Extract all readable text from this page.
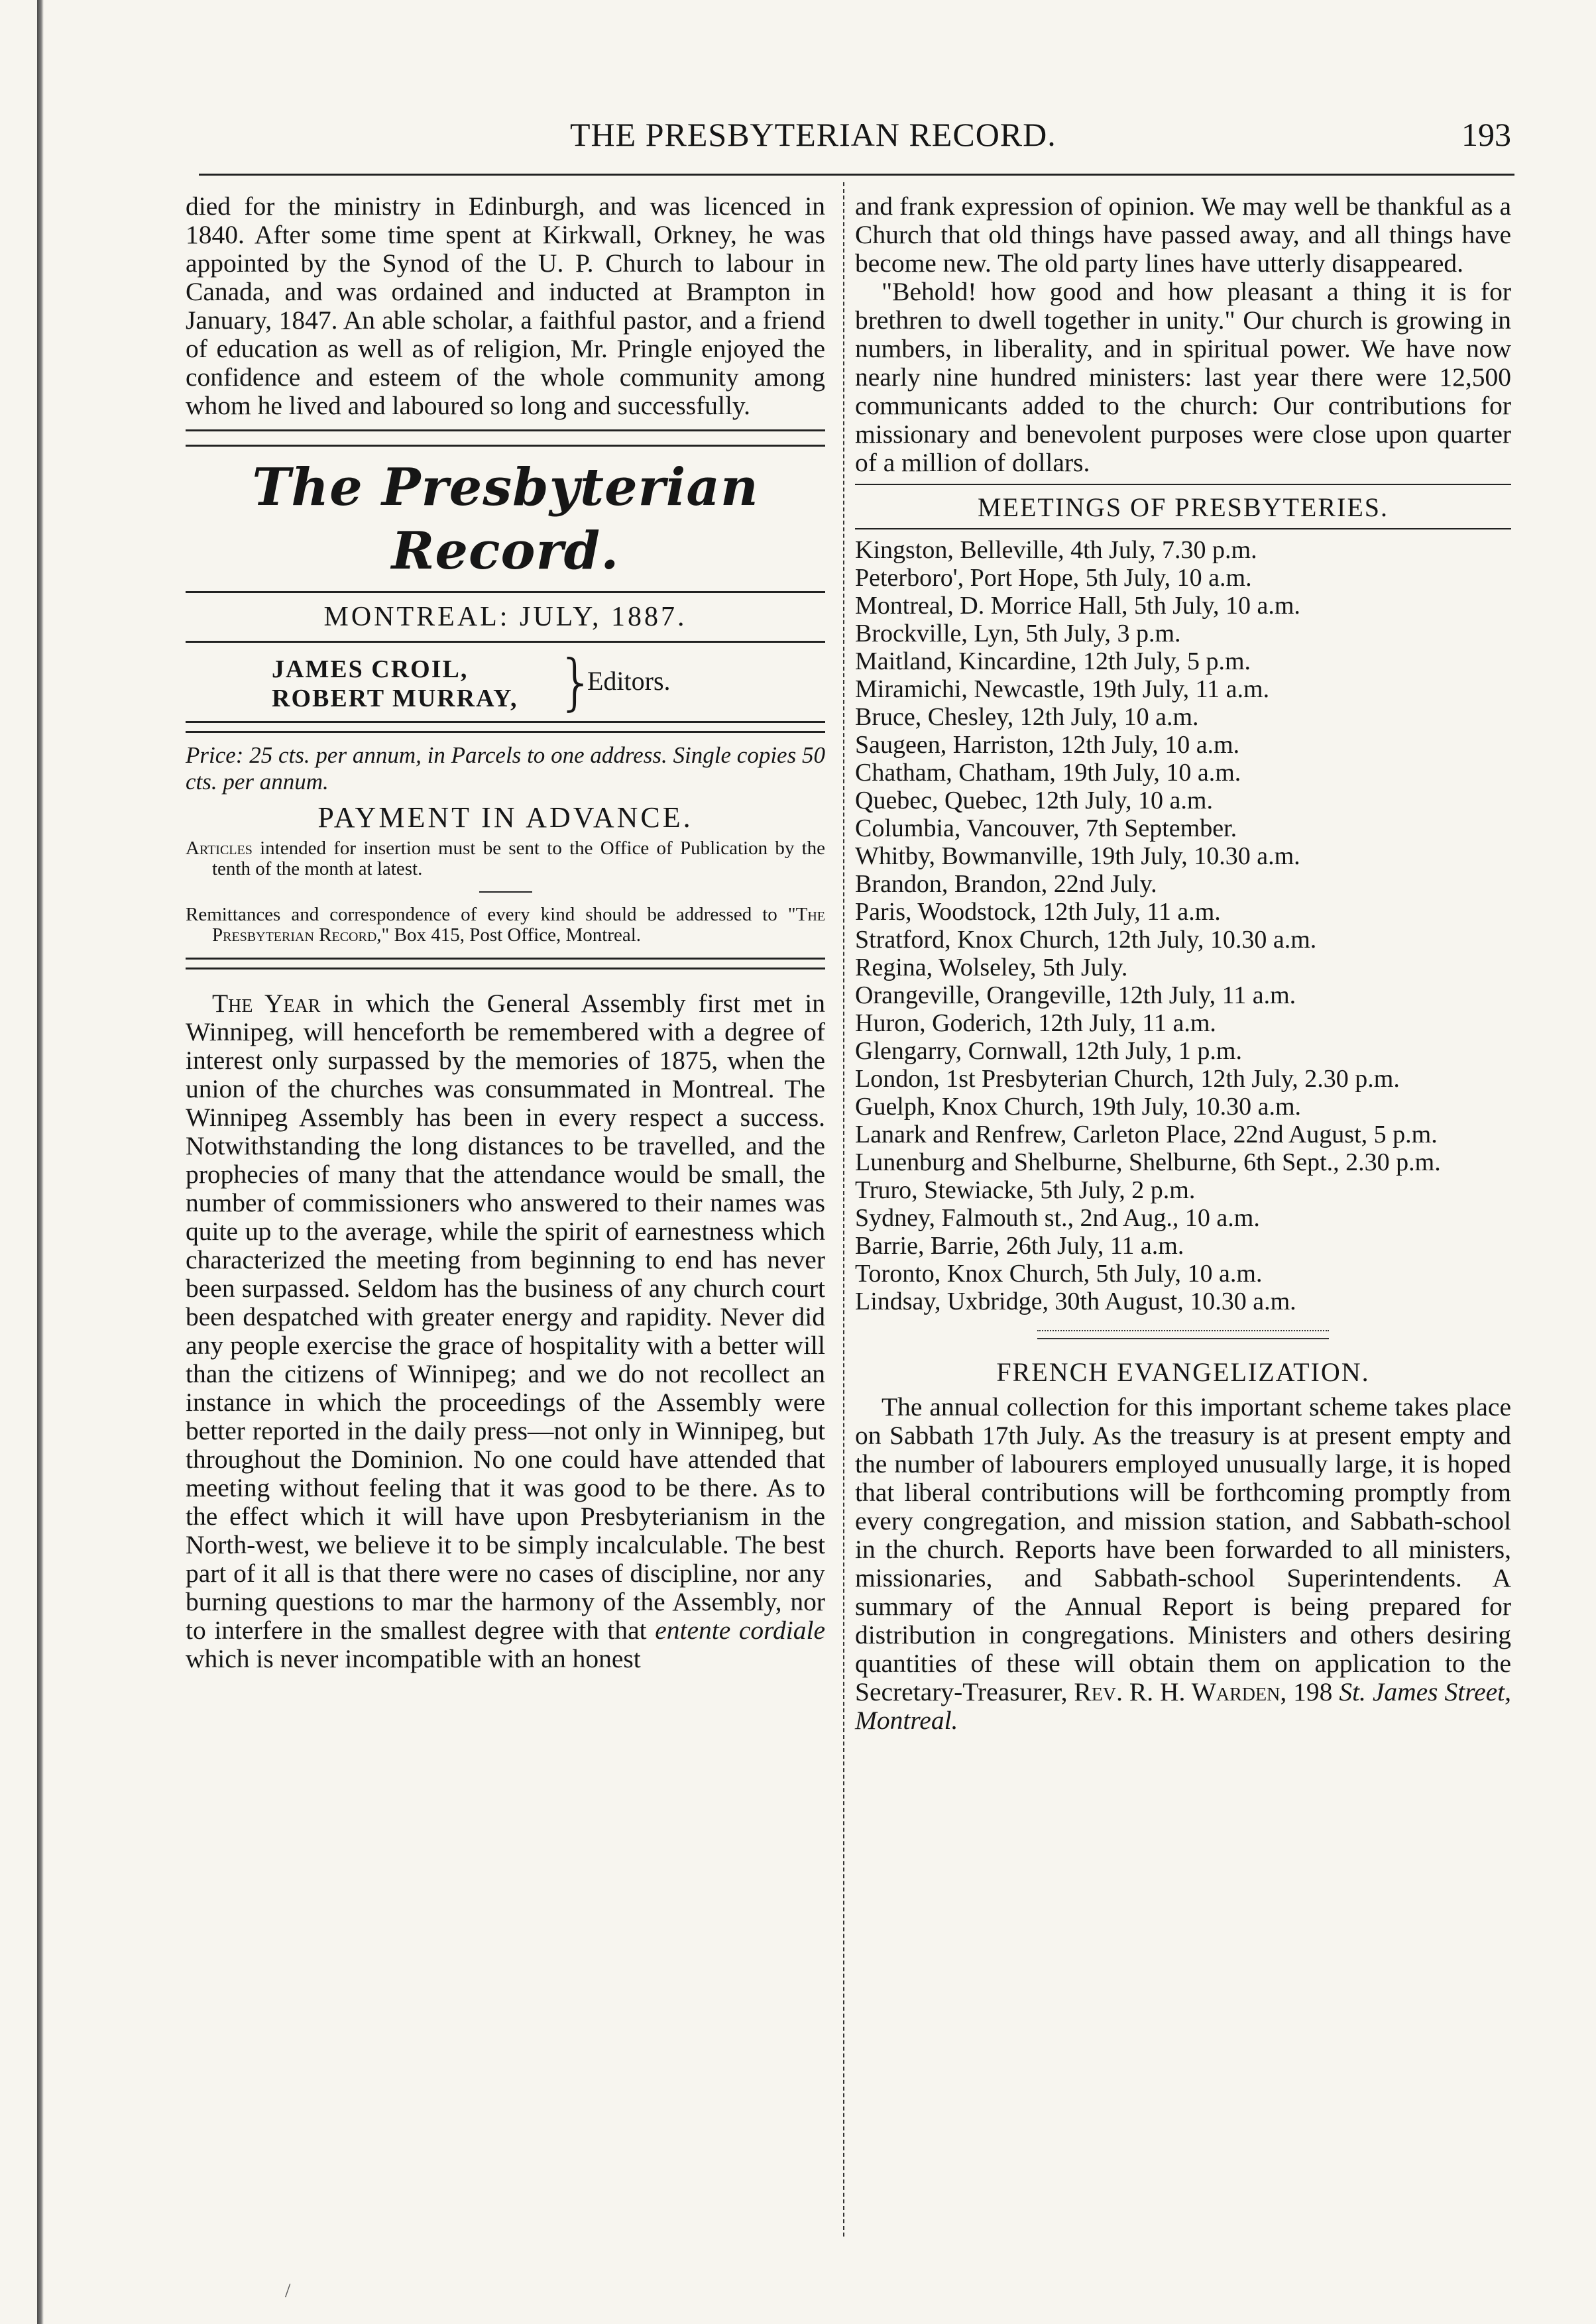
THE PRESBYTERIAN RECORD.	193

died for the ministry in Edinburgh, and was licenced in 1840. After some time spent at Kirkwall, Orkney, he was appointed by the Synod of the U. P. Church to labour in Canada, and was ordained and inducted at Brampton in January, 1847. An able scholar, a faithful pastor, and a friend of education as well as of religion, Mr. Pringle enjoyed the confidence and esteem of the whole community among whom he lived and laboured so long and successfully.

The Presbyterian Record.
MONTREAL: JULY, 1887.
JAMES CROIL,
ROBERT MURRAY, }
Editors.

Price: 25 cts. per annum, in Parcels to one address. Single copies 50 cts. per annum.

PAYMENT IN ADVANCE.

Articles intended for insertion must be sent to the Office of Publication by the tenth of the month at latest.

Remittances and correspondence of every kind should be addressed to "The Presbyterian Record," Box 415, Post Office, Montreal.

The Year in which the General Assembly first met in Winnipeg, will henceforth be remembered with a degree of interest only surpassed by the memories of 1875, when the union of the churches was consummated in Montreal. The Winnipeg Assembly has been in every respect a success. Notwithstanding the long distances to be travelled, and the prophecies of many that the attendance would be small, the number of commissioners who answered to their names was quite up to the average, while the spirit of earnestness which characterized the meeting from beginning to end has never been surpassed. Seldom has the business of any church court been despatched with greater energy and rapidity. Never did any people exercise the grace of hospitality with a better will than the citizens of Winnipeg; and we do not recollect an instance in which the proceedings of the Assembly were better reported in the daily press—not only in Winnipeg, but throughout the Dominion. No one could have attended that meeting without feeling that it was good to be there. As to the effect which it will have upon Presbyterianism in the North-west, we believe it to be simply incalculable. The best part of it all is that there were no cases of discipline, nor any burning questions to mar the harmony of the Assembly, nor to interfere in the smallest degree with that entente cordiale which is never incompatible with an honest

and frank expression of opinion. We may well be thankful as a Church that old things have passed away, and all things have become new. The old party lines have utterly disappeared.

"Behold! how good and how pleasant a thing it is for brethren to dwell together in unity." Our church is growing in numbers, in liberality, and in spiritual power. We have now nearly nine hundred ministers: last year there were 12,500 communicants added to the church: Our contributions for missionary and benevolent purposes were close upon quarter of a million of dollars.

MEETINGS OF PRESBYTERIES.
Kingston, Belleville, 4th July, 7.30 p.m.
Peterboro', Port Hope, 5th July, 10 a.m.
Montreal, D. Morrice Hall, 5th July, 10 a.m.
Brockville, Lyn, 5th July, 3 p.m.
Maitland, Kincardine, 12th July, 5 p.m.
Miramichi, Newcastle, 19th July, 11 a.m.
Bruce, Chesley, 12th July, 10 a.m.
Saugeen, Harriston, 12th July, 10 a.m.
Chatham, Chatham, 19th July, 10 a.m.
Quebec, Quebec, 12th July, 10 a.m.
Columbia, Vancouver, 7th September.
Whitby, Bowmanville, 19th July, 10.30 a.m.
Brandon, Brandon, 22nd July.
Paris, Woodstock, 12th July, 11 a.m.
Stratford, Knox Church, 12th July, 10.30 a.m.
Regina, Wolseley, 5th July.
Orangeville, Orangeville, 12th July, 11 a.m.
Huron, Goderich, 12th July, 11 a.m.
Glengarry, Cornwall, 12th July, 1 p.m.
London, 1st Presbyterian Church, 12th July, 2.30 p.m.
Guelph, Knox Church, 19th July, 10.30 a.m.
Lanark and Renfrew, Carleton Place, 22nd August, 5 p.m.
Lunenburg and Shelburne, Shelburne, 6th Sept., 2.30 p.m.
Truro, Stewiacke, 5th July, 2 p.m.
Sydney, Falmouth st., 2nd Aug., 10 a.m.
Barrie, Barrie, 26th July, 11 a.m.
Toronto, Knox Church, 5th July, 10 a.m.
Lindsay, Uxbridge, 30th August, 10.30 a.m.
FRENCH EVANGELIZATION.

The annual collection for this important scheme takes place on Sabbath 17th July. As the treasury is at present empty and the number of labourers employed unusually large, it is hoped that liberal contributions will be forthcoming promptly from every congregation, and mission station, and Sabbath-school in the church. Reports have been forwarded to all ministers, missionaries, and Sabbath-school Superintendents. A summary of the Annual Report is being prepared for distribution in congregations. Ministers and others desiring quantities of these will obtain them on application to the Secretary-Treasurer, Rev. R. H. Warden, 198 St. James Street, Montreal.

/
